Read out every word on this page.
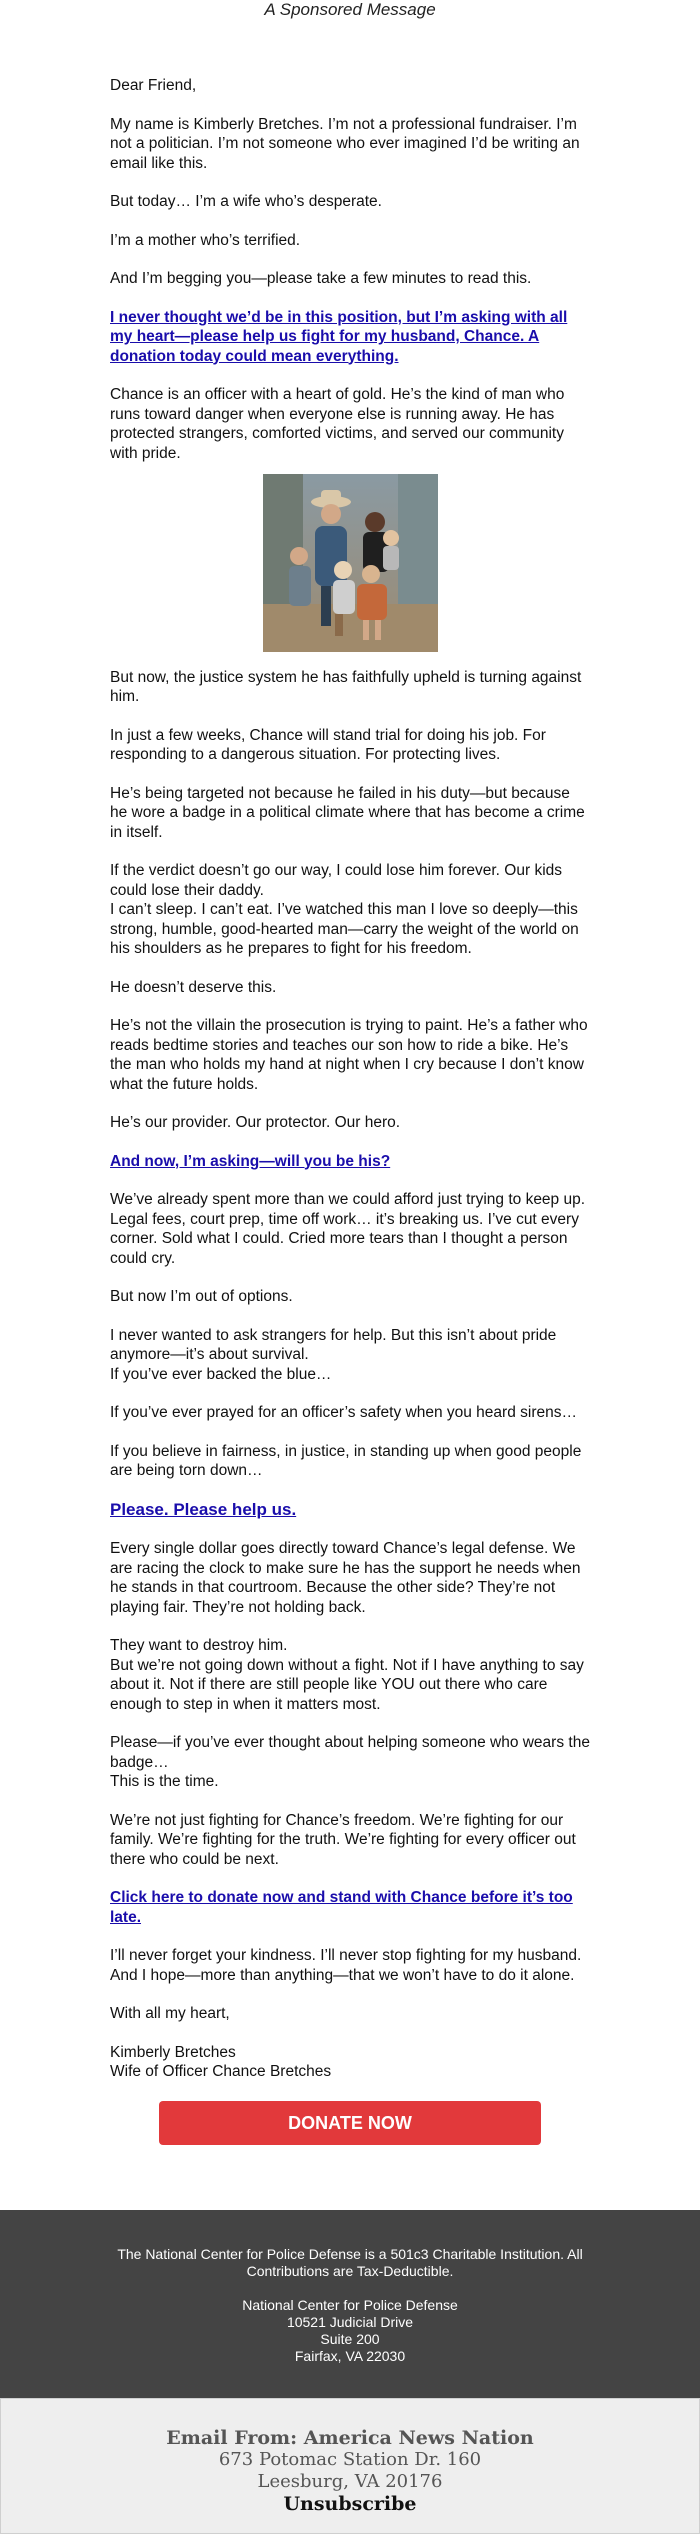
A Sponsored Message

Dear Friend,

My name is Kimberly Bretches. I’m not a professional fundraiser. I’m not a politician. I’m not someone who ever imagined I’d be writing an email like this.

But today… I’m a wife who’s desperate.

I’m a mother who’s terrified.

And I’m begging you—please take a few minutes to read this.

I never thought we’d be in this position, but I’m asking with all my heart—please help us fight for my husband, Chance. A donation today could mean everything.

Chance is an officer with a heart of gold. He’s the kind of man who runs toward danger when everyone else is running away. He has protected strangers, comforted victims, and served our community with pride.

But now, the justice system he has faithfully upheld is turning against him.

In just a few weeks, Chance will stand trial for doing his job. For responding to a dangerous situation. For protecting lives.

He’s being targeted not because he failed in his duty—but because he wore a badge in a political climate where that has become a crime in itself.

If the verdict doesn’t go our way, I could lose him forever. Our kids could lose their daddy.

I can’t sleep. I can’t eat. I’ve watched this man I love so deeply—this strong, humble, good-hearted man—carry the weight of the world on his shoulders as he prepares to fight for his freedom.

He doesn’t deserve this.

He’s not the villain the prosecution is trying to paint. He’s a father who reads bedtime stories and teaches our son how to ride a bike. He’s the man who holds my hand at night when I cry because I don’t know what the future holds.

He’s our provider. Our protector. Our hero.

And now, I’m asking—will you be his?

We’ve already spent more than we could afford just trying to keep up. Legal fees, court prep, time off work… it’s breaking us. I’ve cut every corner. Sold what I could. Cried more tears than I thought a person could cry.

But now I’m out of options.

I never wanted to ask strangers for help. But this isn’t about pride anymore—it’s about survival.

If you’ve ever backed the blue…

If you’ve ever prayed for an officer’s safety when you heard sirens…

If you believe in fairness, in justice, in standing up when good people are being torn down…

Please. Please help us.

Every single dollar goes directly toward Chance’s legal defense. We are racing the clock to make sure he has the support he needs when he stands in that courtroom. Because the other side? They’re not playing fair. They’re not holding back.

They want to destroy him.

But we’re not going down without a fight. Not if I have anything to say about it. Not if there are still people like YOU out there who care enough to step in when it matters most.

Please—if you’ve ever thought about helping someone who wears the badge…

This is the time.

We’re not just fighting for Chance’s freedom. We’re fighting for our family. We’re fighting for the truth. We’re fighting for every officer out there who could be next.

Click here to donate now and stand with Chance before it’s too late.

I’ll never forget your kindness. I’ll never stop fighting for my husband. And I hope—more than anything—that we won’t have to do it alone.

With all my heart,

Kimberly Bretches

Wife of Officer Chance Bretches

DONATE NOW
The National Center for Police Defense is a 501c3 Charitable Institution. All Contributions are Tax-Deductible.
National Center for Police Defense
10521 Judicial Drive
Suite 200
Fairfax, VA 22030
Email From: America News Nation
673 Potomac Station Dr. 160
Leesburg, VA 20176
Unsubscribe
